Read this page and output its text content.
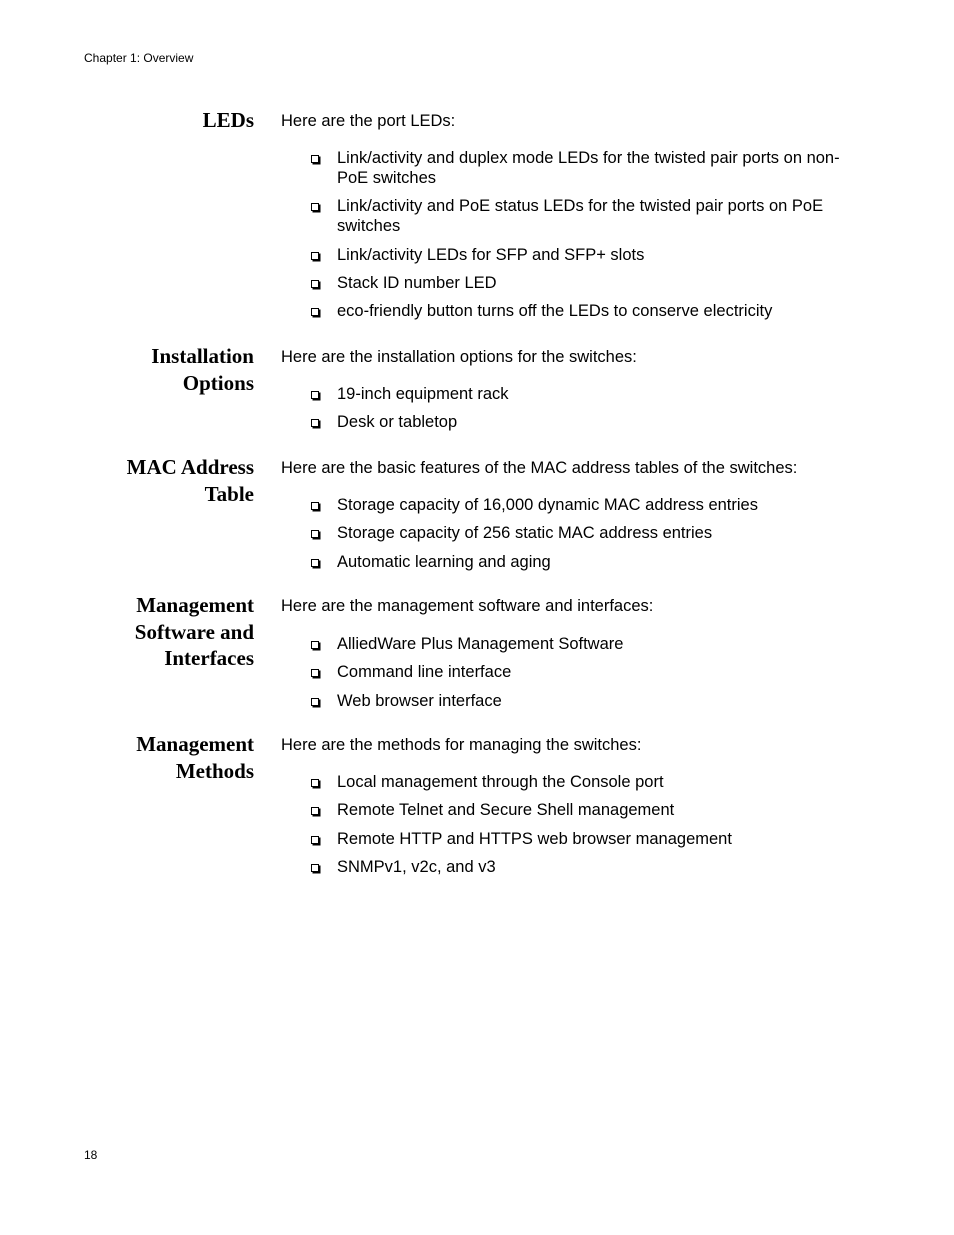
Chapter 1: Overview
LEDs Here are the port LEDs:

Link/activity and duplex mode LEDs for the twisted pair ports on non-PoE switches
Link/activity and PoE status LEDs for the twisted pair ports on PoE switches
Link/activity LEDs for SFP and SFP+ slots
Stack ID number LED
eco-friendly button turns off the LEDs to conserve electricity
Installation
Options

Here are the installation options for the switches:

19-inch equipment rack
Desk or tabletop
MAC Address
Table

Here are the basic features of the MAC address tables of the switches:

Storage capacity of 16,000 dynamic MAC address entries
Storage capacity of 256 static MAC address entries
Automatic learning and aging
Management
Software and
Interfaces

Here are the management software and interfaces:

AlliedWare Plus Management Software
Command line interface
Web browser interface
Management
Methods

Here are the methods for managing the switches:

Local management through the Console port
Remote Telnet and Secure Shell management
Remote HTTP and HTTPS web browser management
SNMPv1, v2c, and v3
18
